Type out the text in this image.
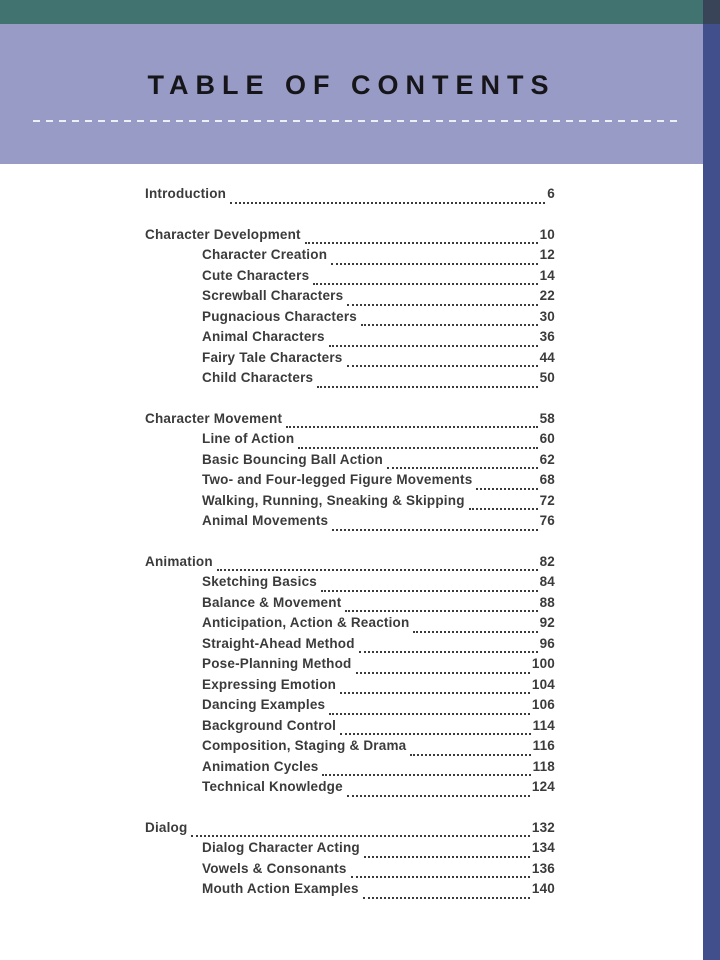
TABLE OF CONTENTS
Introduction	6
Character Development	10
Character Creation	12
Cute Characters	14
Screwball Characters	22
Pugnacious Characters	30
Animal Characters	36
Fairy Tale Characters	44
Child Characters	50
Character Movement	58
Line of Action	60
Basic Bouncing Ball Action	62
Two- and Four-legged Figure Movements	68
Walking, Running, Sneaking & Skipping	72
Animal Movements	76
Animation	82
Sketching Basics	84
Balance & Movement	88
Anticipation, Action & Reaction	92
Straight-Ahead Method	96
Pose-Planning Method	100
Expressing Emotion	104
Dancing Examples	106
Background Control	114
Composition, Staging & Drama	116
Animation Cycles	118
Technical Knowledge	124
Dialog	132
Dialog Character Acting	134
Vowels & Consonants	136
Mouth Action Examples	140
